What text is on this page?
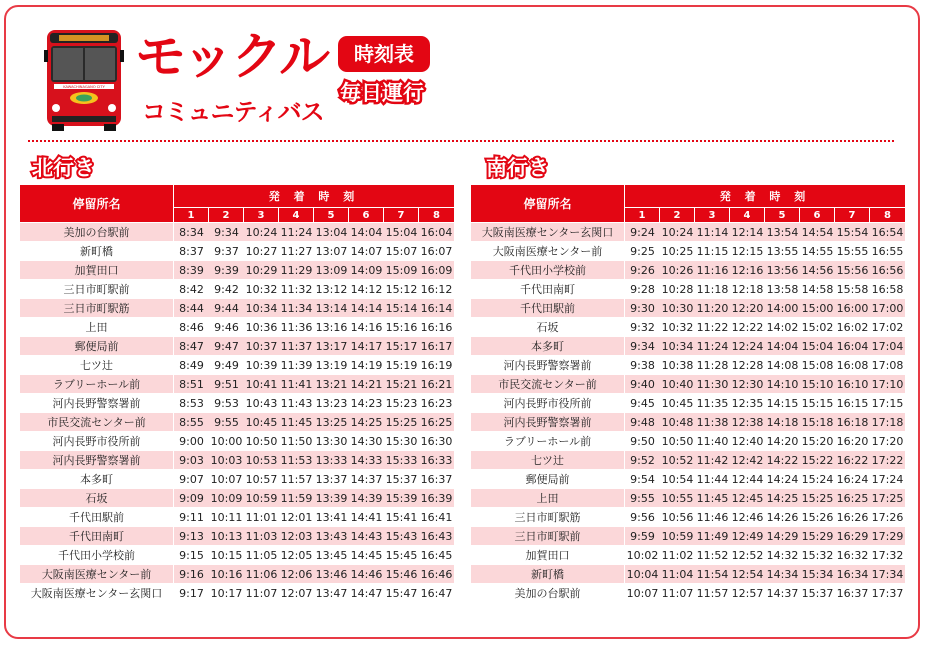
KAWACHINAGANO CITY モックル
コミュニティバス
時刻表
毎日運行
北行き	南行き
停留所名	発 着 時 刻							
	1	2	3	4	5	6	7	8
美加の台駅前	8:34	9:34	10:24	11:24	13:04	14:04	15:04	16:04
新町橋	8:37	9:37	10:27	11:27	13:07	14:07	15:07	16:07
加賀田口	8:39	9:39	10:29	11:29	13:09	14:09	15:09	16:09
三日市町駅前	8:42	9:42	10:32	11:32	13:12	14:12	15:12	16:12
三日市町駅筋	8:44	9:44	10:34	11:34	13:14	14:14	15:14	16:14
上田	8:46	9:46	10:36	11:36	13:16	14:16	15:16	16:16
郵便局前	8:47	9:47	10:37	11:37	13:17	14:17	15:17	16:17
七ツ辻	8:49	9:49	10:39	11:39	13:19	14:19	15:19	16:19
ラブリーホール前	8:51	9:51	10:41	11:41	13:21	14:21	15:21	16:21
河内長野警察署前	8:53	9:53	10:43	11:43	13:23	14:23	15:23	16:23
市民交流センター前	8:55	9:55	10:45	11:45	13:25	14:25	15:25	16:25
河内長野市役所前	9:00	10:00	10:50	11:50	13:30	14:30	15:30	16:30
河内長野警察署前	9:03	10:03	10:53	11:53	13:33	14:33	15:33	16:33
本多町	9:07	10:07	10:57	11:57	13:37	14:37	15:37	16:37
石坂	9:09	10:09	10:59	11:59	13:39	14:39	15:39	16:39
千代田駅前	9:11	10:11	11:01	12:01	13:41	14:41	15:41	16:41
千代田南町	9:13	10:13	11:03	12:03	13:43	14:43	15:43	16:43
千代田小学校前	9:15	10:15	11:05	12:05	13:45	14:45	15:45	16:45
大阪南医療センター前	9:16	10:16	11:06	12:06	13:46	14:46	15:46	16:46
大阪南医療センター玄関口	9:17	10:17	11:07	12:07	13:47	14:47	15:47	16:47
停留所名	発 着 時 刻							
	1	2	3	4	5	6	7	8
大阪南医療センター玄関口	9:24	10:24	11:14	12:14	13:54	14:54	15:54	16:54
大阪南医療センター前	9:25	10:25	11:15	12:15	13:55	14:55	15:55	16:55
千代田小学校前	9:26	10:26	11:16	12:16	13:56	14:56	15:56	16:56
千代田南町	9:28	10:28	11:18	12:18	13:58	14:58	15:58	16:58
千代田駅前	9:30	10:30	11:20	12:20	14:00	15:00	16:00	17:00
石坂	9:32	10:32	11:22	12:22	14:02	15:02	16:02	17:02
本多町	9:34	10:34	11:24	12:24	14:04	15:04	16:04	17:04
河内長野警察署前	9:38	10:38	11:28	12:28	14:08	15:08	16:08	17:08
市民交流センター前	9:40	10:40	11:30	12:30	14:10	15:10	16:10	17:10
河内長野市役所前	9:45	10:45	11:35	12:35	14:15	15:15	16:15	17:15
河内長野警察署前	9:48	10:48	11:38	12:38	14:18	15:18	16:18	17:18
ラブリーホール前	9:50	10:50	11:40	12:40	14:20	15:20	16:20	17:20
七ツ辻	9:52	10:52	11:42	12:42	14:22	15:22	16:22	17:22
郵便局前	9:54	10:54	11:44	12:44	14:24	15:24	16:24	17:24
上田	9:55	10:55	11:45	12:45	14:25	15:25	16:25	17:25
三日市町駅筋	9:56	10:56	11:46	12:46	14:26	15:26	16:26	17:26
三日市町駅前	9:59	10:59	11:49	12:49	14:29	15:29	16:29	17:29
加賀田口	10:02	11:02	11:52	12:52	14:32	15:32	16:32	17:32
新町橋	10:04	11:04	11:54	12:54	14:34	15:34	16:34	17:34
美加の台駅前	10:07	11:07	11:57	12:57	14:37	15:37	16:37	17:37
